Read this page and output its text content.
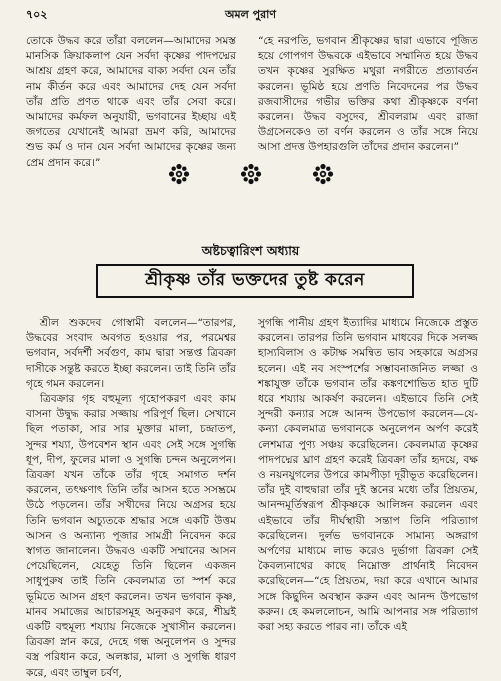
৭০২	অমল পুরাণ

তোকে উদ্ধব করে তাঁরা বললেন—আমাদের সমস্ত মানসিক ক্রিয়াকলাপ যেন সর্বদা কৃষ্ণের পাদপদ্মের আশ্রয় গ্রহণ করে, আমাদের বাক্য সর্বদা যেন তাঁর নাম কীর্তন করে এবং আমাদের দেহ যেন সর্বদা তাঁর প্রতি প্রণত থাকে এবং তাঁর সেবা করে। আমাদের কর্মফল অনুযায়ী, ভগবানের ইচ্ছায় এই জগতের যেখানেই আমরা ভ্রমণ করি, আমাদের শুভ কর্ম ও দান যেন সর্বদা আমাদের কৃষ্ণের জন্য প্রেম প্রদান করে।”

“হে নরপতি, ভগবান শ্রীকৃষ্ণের দ্বারা এভাবে পূজিত হয়ে গোপগণ উদ্ধবকে এইভাবে সম্মানিত হয়ে উদ্ধব তখন কৃষ্ণের সুরক্ষিত মথুরা নগরীতে প্রত্যাবর্তন করলেন। ভূমিষ্ঠ হয়ে প্রণতি নিবেদনের পর উদ্ধব রজবাসীদের গভীর ভক্তির কথা শ্রীকৃষ্ণকে বর্ণনা করলেন। উদ্ধব বসুদেব, শ্রীবলরাম এবং রাজা উগ্রসেনকেও তা বর্ণন করলেন ও তাঁর সঙ্গে নিয়ে আসা প্রদত্ত উপহারগুলি তাঁদের প্রদান করলেন।”

অষ্টচত্বারিংশ অধ্যায়
শ্রীকৃষ্ণ তাঁর ভক্তদের তুষ্ট করেন

শ্রীল শুকদেব গোস্বামী বললেন—“তারপর, উদ্ধবের সংবাদ অবগত হওয়ার পর, পরমেশ্বর ভগবান, সর্বদর্শী সর্বগুণ, কাম দ্বারা সন্তপ্ত ত্রিবক্রা দাসীকে সন্তুষ্ট করতে ইচ্ছা করলেন। তাই তিনি তাঁর গৃহে গমন করলেন।

ত্রিবক্রার গৃহ বহুমূল্য গৃহোপকরণ এবং কাম বাসনা উদ্বুদ্ধ করার সজ্জায় পরিপূর্ণ ছিল। সেখানে ছিল পতাকা, সার সার মুক্তার মালা, চন্দ্রাতপ, সুন্দর শয্যা, উপবেশন স্থান এবং সেই সঙ্গে সুগন্ধি ধূপ, দীপ, ফুলের মালা ও সুগন্ধি চন্দন অনুলেপন। ত্রিবক্রা যখন তাঁকে তাঁর গৃহে সমাগত দর্শন করলেন, তৎক্ষণাৎ তিনি তাঁর আসন হতে সসম্ভ্রমে উঠে পড়লেন। তাঁর সখীদের নিয়ে অগ্রসর হয়ে তিনি ভগবান অচ্যুতকে শ্রদ্ধার সঙ্গে একটি উত্তম আসন ও অন্যান্য পূজার সামগ্রী নিবেদন করে স্বাগত জানালেন। উদ্ধবও একটি সম্মানের আসন পেয়েছিলেন, যেহেতু তিনি ছিলেন একজন সাধুপুরুষ তাই তিনি কেবলমাত্র তা স্পর্শ করে ভূমিতে আসন গ্রহণ করলেন। তখন ভগবান কৃষ্ণ, মানব সমাজের আচারসমূহ অনুকরণ করে, শীঘ্রই একটি বহুমূল্য শয্যায় নিজেকে সুখাসীন করলেন। ত্রিবক্রা স্নান করে, দেহে গন্ধ অনুলেপন ও সুন্দর বস্ত্র পরিধান করে, অলঙ্কার, মালা ও সুগন্ধি ধারণ করে, এবং তাম্বুল চর্বণ,

সুগন্ধি পানীয় গ্রহণ ইত্যাদির মাধ্যমে নিজেকে প্রস্তুত করলেন। তারপর তিনি ভগবান মাধবের দিকে সলজ্জ হাস্যবিলাস ও কটাক্ষ সমন্বিত ভাব সহকারে অগ্রসর হলেন। এই নব সংস্পর্শের সম্ভাবনাজনিত লজ্জা ও শঙ্কাযুক্ত তাঁকে ভগবান তাঁর কঙ্কণশোভিত হাত দুটি ধরে শয্যায় আকর্ষণ করলেন। এইভাবে তিনি সেই সুন্দরী কন্যার সঙ্গে আনন্দ উপভোগ করলেন—যে-কন্যা কেবলমাত্র ভগবানকে অনুলেপন অর্পণ করেই লেশমাত্র পুণ্য সঞ্চয় করেছিলেন। কেবলমাত্র কৃষ্ণের পাদপদ্মের ঘ্রাণ গ্রহণ করেই ত্রিবক্রা তাঁর হৃদয়ে, বক্ষ ও নয়নযুগলের উপরে কামপীড়া দূরীভূত করেছিলেন। তাঁর দুই বাহুদ্বারা তাঁর দুই স্তনের মধ্যে তাঁর প্রিয়তম, আনন্দমূর্তিস্বরূপ শ্রীকৃষ্ণকে আলিঙ্গন করলেন এবং এইভাবে তাঁর দীর্ঘস্থায়ী সন্তাপ তিনি পরিত্যাগ করেছিলেন। দুর্লভ ভগবানকে সামান্য অঙ্গরাগ অর্পণের মাধ্যমে লাভ করেও দুর্ভাগা ত্রিবক্রা সেই কৈবল্যনাথের কাছে নিম্নোক্ত প্রার্থনাই নিবেদন করেছিলেন—“হে প্রিয়তম, দয়া করে এখানে আমার সঙ্গে কিছুদিন অবস্থান করুন এবং আনন্দ উপভোগ করুন। হে কমললোচন, আমি আপনার সঙ্গ পরিত্যাগ করা সহ্য করতে পারব না। তাঁকে এই
